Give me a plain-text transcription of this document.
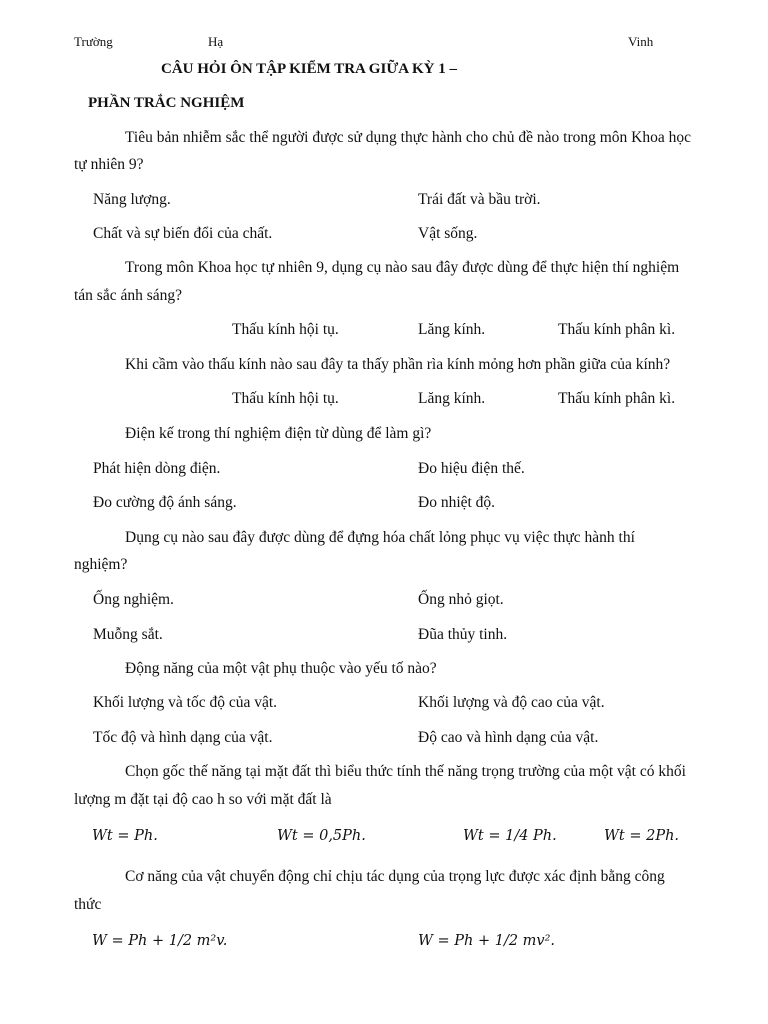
Trường	Hạ	Vinh
CÂU HỎI ÔN TẬP KIỂM TRA GIỮA KỲ 1 –
PHẦN TRẮC NGHIỆM
Tiêu bản nhiễm sắc thể người được sử dụng thực hành cho chủ đề nào trong môn Khoa học
tự nhiên 9?
Năng lượng.	Trái đất và bầu trời.
Chất và sự biến đổi của chất.	Vật sống.
Trong môn Khoa học tự nhiên 9, dụng cụ nào sau đây được dùng để thực hiện thí nghiệm
tán sắc ánh sáng?
Thấu kính hội tụ.	Lăng kính.	Thấu kính phân kì.
Khi cầm vào thấu kính nào sau đây ta thấy phần rìa kính mỏng hơn phần giữa của kính?
Thấu kính hội tụ.	Lăng kính.	Thấu kính phân kì.
Điện kế trong thí nghiệm điện từ dùng để làm gì?
Phát hiện dòng điện.	Đo hiệu điện thế.
Đo cường độ ánh sáng.	Đo nhiệt độ.
Dụng cụ nào sau đây được dùng để đựng hóa chất lỏng phục vụ việc thực hành thí
nghiệm?
Ống nghiệm.	Ống nhỏ giọt.
Muỗng sắt.	Đũa thủy tinh.
Động năng của một vật phụ thuộc vào yếu tố nào?
Khối lượng và tốc độ của vật.	Khối lượng và độ cao của vật.
Tốc độ và hình dạng của vật.	Độ cao và hình dạng của vật.
Chọn gốc thế năng tại mặt đất thì biểu thức tính thế năng trọng trường của một vật có khối
lượng m đặt tại độ cao h so với mặt đất là
Wt = Ph.	Wt = 0,5Ph.	Wt = 1/4 Ph.	Wt = 2Ph.
Cơ năng của vật chuyển động chỉ chịu tác dụng của trọng lực được xác định bằng công
thức
W = Ph + 1/2 m²v.	W = Ph + 1/2 mv².
